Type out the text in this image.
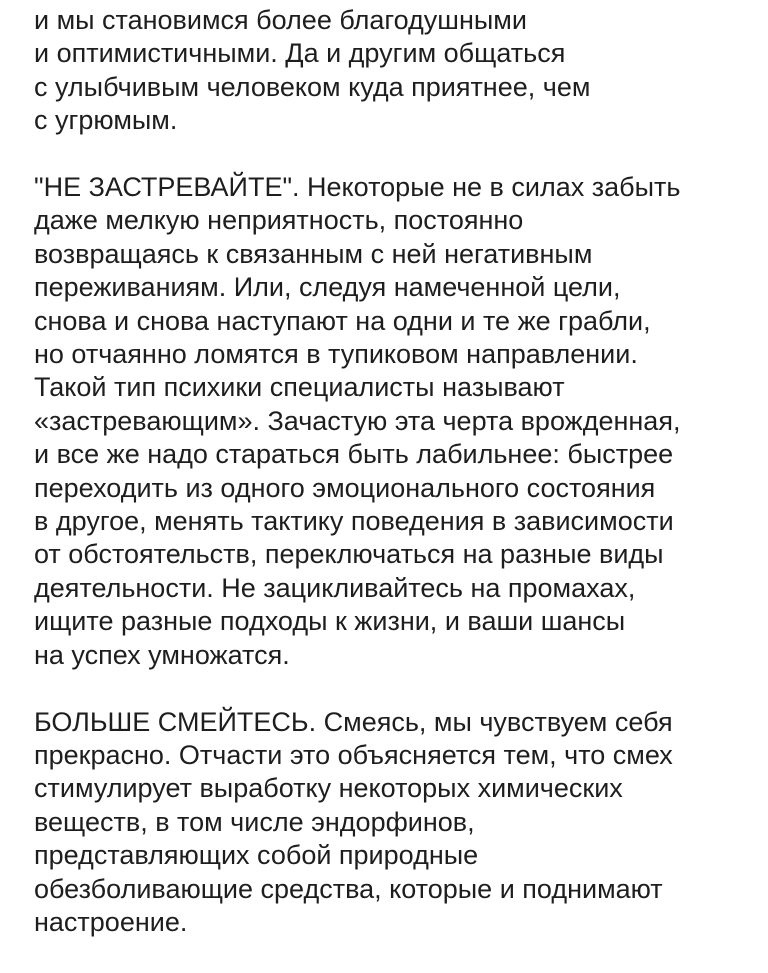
и мы становимся более благодушными
и оптимистичными. Да и другим общаться
с улыбчивым человеком куда приятнее, чем
с угрюмым.
"НЕ ЗАСТРЕВАЙТЕ". Некоторые не в силах забыть
даже мелкую неприятность, постоянно
возвращаясь к связанным с ней негативным
переживаниям. Или, следуя намеченной цели,
снова и снова наступают на одни и те же грабли,
но отчаянно ломятся в тупиковом направлении.
Такой тип психики специалисты называют
«застревающим». Зачастую эта черта врожденная,
и все же надо стараться быть лабильнее: быстрее
переходить из одного эмоционального состояния
в другое, менять тактику поведения в зависимости
от обстоятельств, переключаться на разные виды
деятельности. Не зацикливайтесь на промахах,
ищите разные подходы к жизни, и ваши шансы
на успех умножатся.
БОЛЬШЕ СМЕЙТЕСЬ. Смеясь, мы чувствуем себя
прекрасно. Отчасти это объясняется тем, что смех
стимулирует выработку некоторых химических
веществ, в том числе эндорфинов,
представляющих собой природные
обезболивающие средства, которые и поднимают
настроение.
